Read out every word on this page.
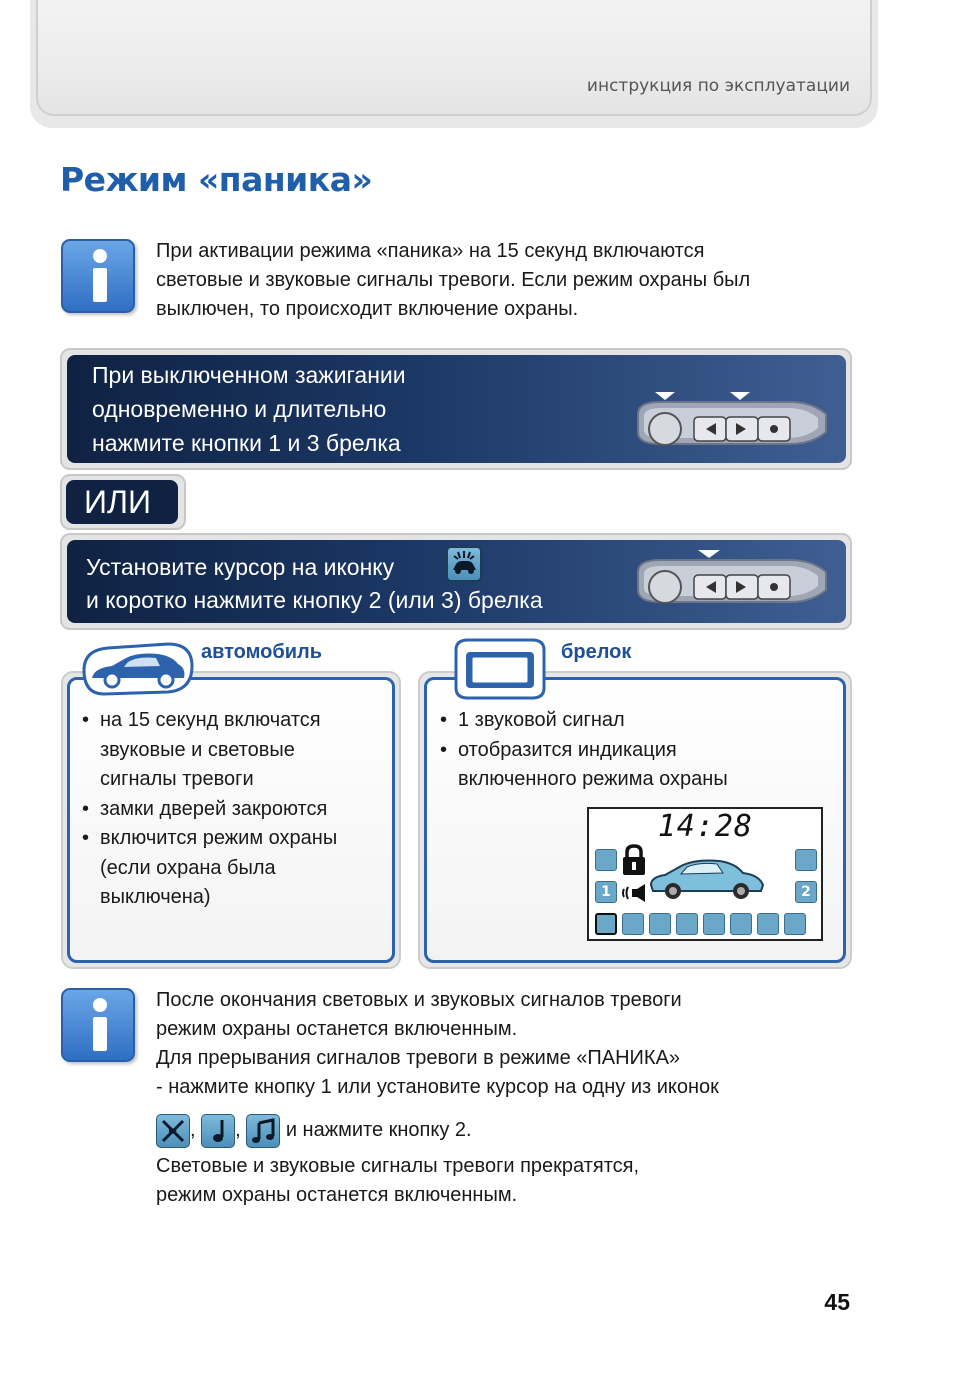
инструкция по эксплуатации
Режим «паника»
При активации режима «паника» на 15 секунд включаются
световые и звуковые сигналы тревоги. Если режим охраны был
выключен, то происходит включение охраны.
При выключенном зажигании
одновременно и длительно
нажмите кнопки 1 и 3 брелка
ИЛИ
Установите курсор на иконку
и коротко нажмите кнопку 2 (или 3) брелка
автомобиль
• на 15 секунд включатся
звуковые и световые
сигналы тревоги
• замки дверей закроются
• включится режим охраны
(если охрана была
выключена)
брелок
• 1 звуковой сигнал
• отобразится индикация
включенного режима охраны
14:28
1	2
После окончания световых и звуковых сигналов тревоги
режим охраны останется включенным.
Для прерывания сигналов тревоги в режиме «ПАНИКА»
- нажмите кнопку 1 или установите курсор на одну из иконок
, , и нажмите кнопку 2.
Световые и звуковые сигналы тревоги прекратятся,
режим охраны останется включенным.
45
